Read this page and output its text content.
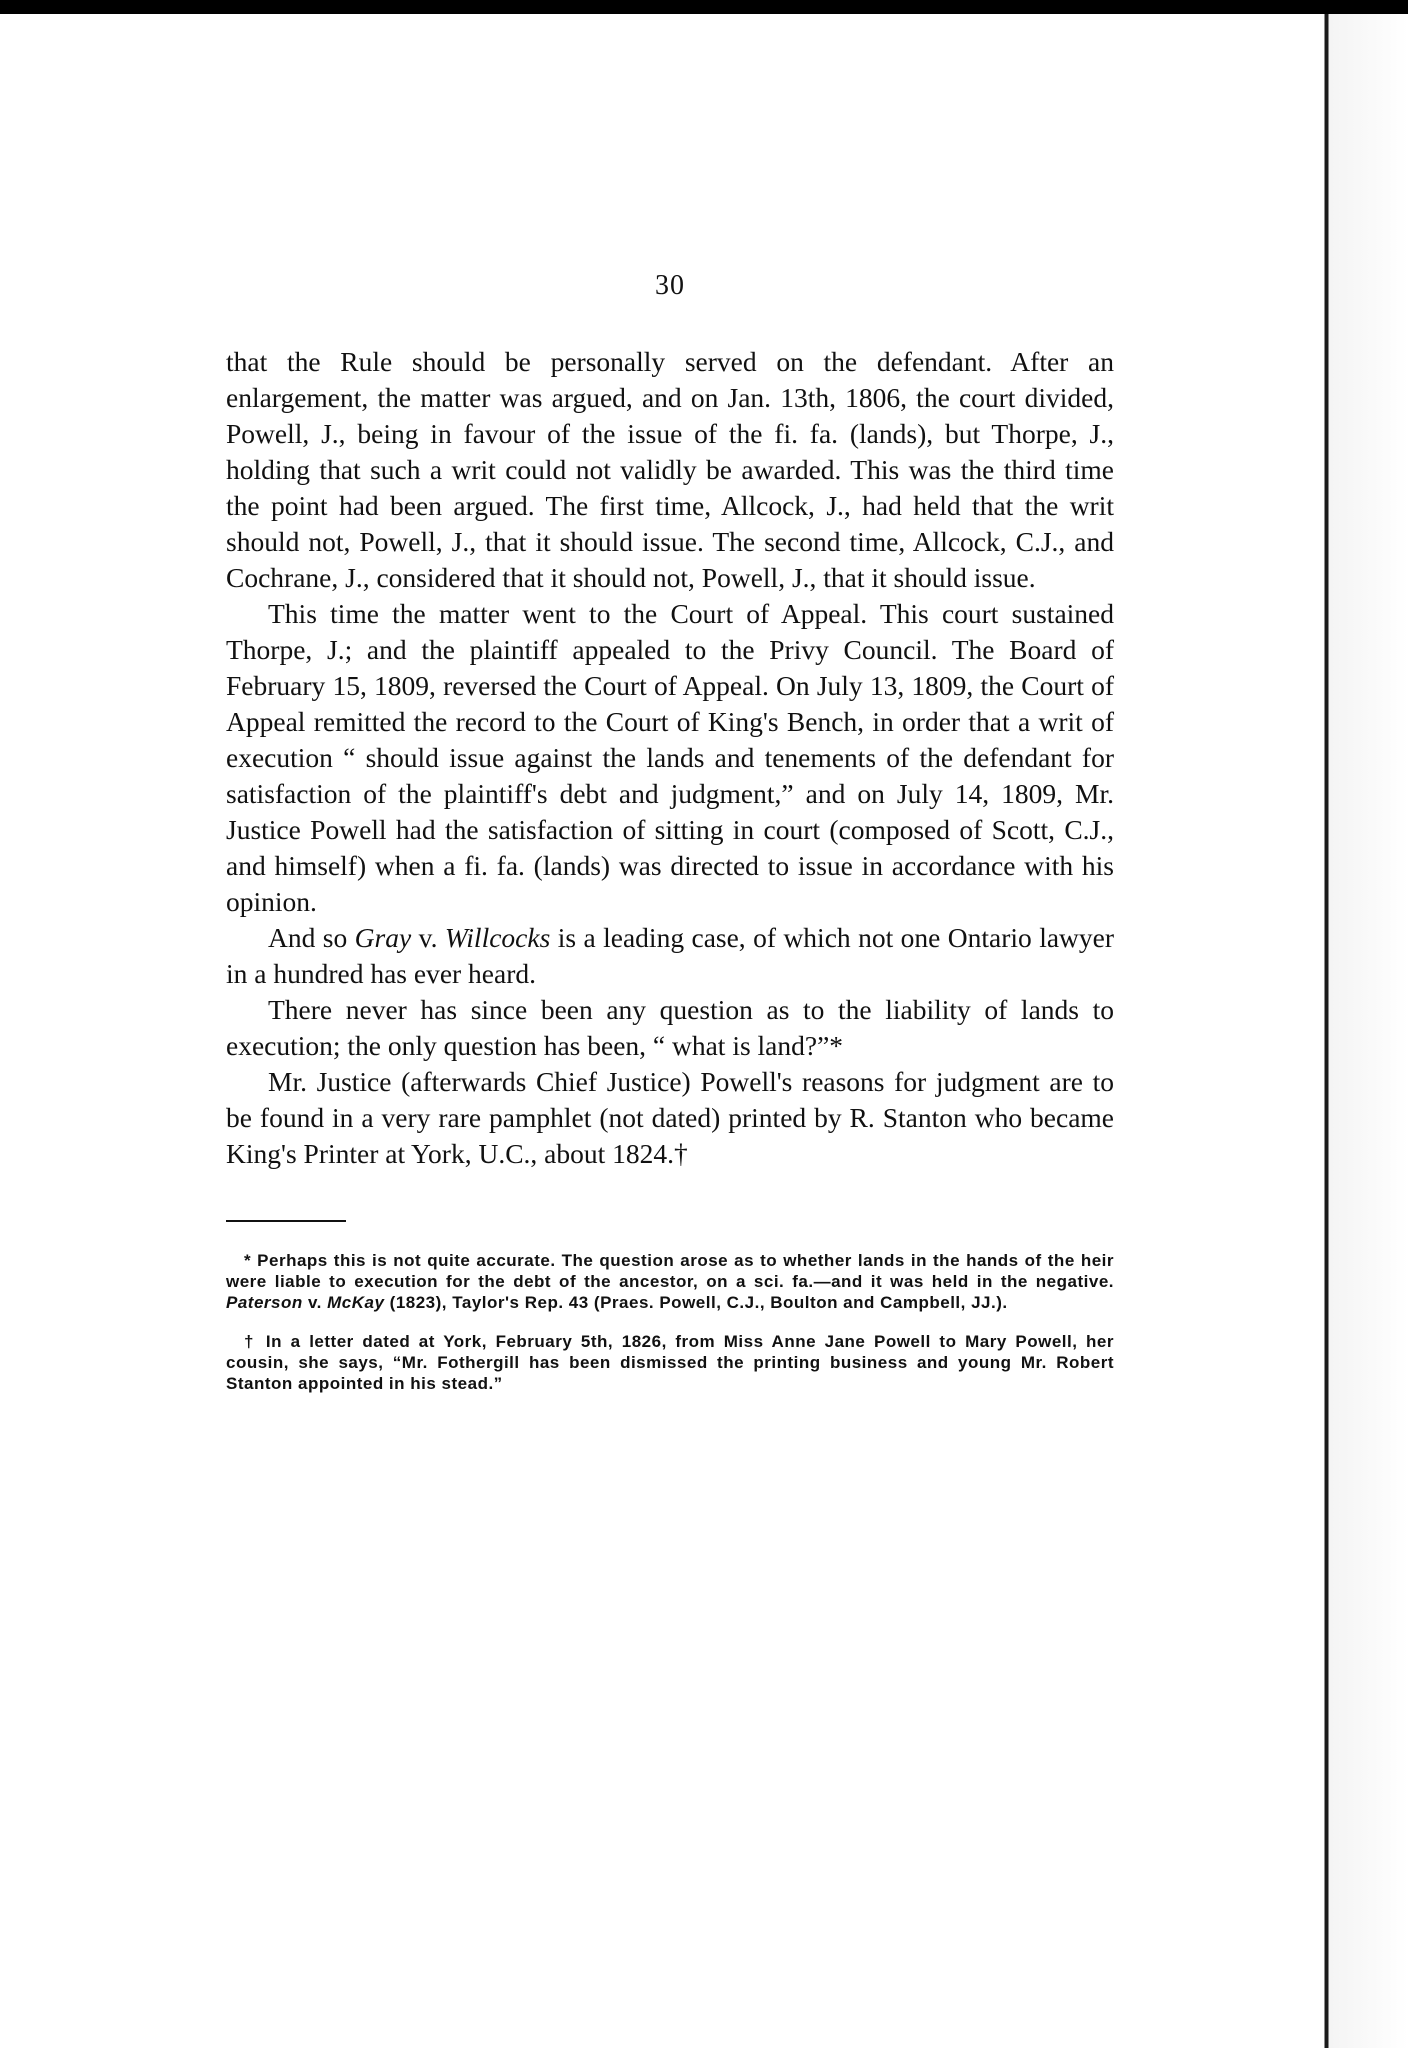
30

that the Rule should be personally served on the defendant. After an enlargement, the matter was argued, and on Jan. 13th, 1806, the court divided, Powell, J., being in favour of the issue of the fi. fa. (lands), but Thorpe, J., holding that such a writ could not validly be awarded. This was the third time the point had been argued. The first time, Allcock, J., had held that the writ should not, Powell, J., that it should issue. The second time, Allcock, C.J., and Cochrane, J., considered that it should not, Powell, J., that it should issue.

This time the matter went to the Court of Appeal. This court sustained Thorpe, J.; and the plaintiff appealed to the Privy Council. The Board of February 15, 1809, reversed the Court of Appeal. On July 13, 1809, the Court of Appeal remitted the record to the Court of King's Bench, in order that a writ of execution “ should issue against the lands and tenements of the defendant for satisfaction of the plaintiff's debt and judgment,” and on July 14, 1809, Mr. Justice Powell had the satisfaction of sitting in court (composed of Scott, C.J., and himself) when a fi. fa. (lands) was directed to issue in accordance with his opinion.

And so Gray v. Willcocks is a leading case, of which not one Ontario lawyer in a hundred has ever heard.

There never has since been any question as to the liability of lands to execution; the only question has been, “ what is land?”*

Mr. Justice (afterwards Chief Justice) Powell's reasons for judgment are to be found in a very rare pamphlet (not dated) printed by R. Stanton who became King's Printer at York, U.C., about 1824.†

* Perhaps this is not quite accurate. The question arose as to whether lands in the hands of the heir were liable to execution for the debt of the ancestor, on a sci. fa.—and it was held in the negative. Paterson v. McKay (1823), Taylor's Rep. 43 (Praes. Powell, C.J., Boulton and Campbell, JJ.).

† In a letter dated at York, February 5th, 1826, from Miss Anne Jane Powell to Mary Powell, her cousin, she says, “Mr. Fothergill has been dismissed the printing business and young Mr. Robert Stanton appointed in his stead.”
